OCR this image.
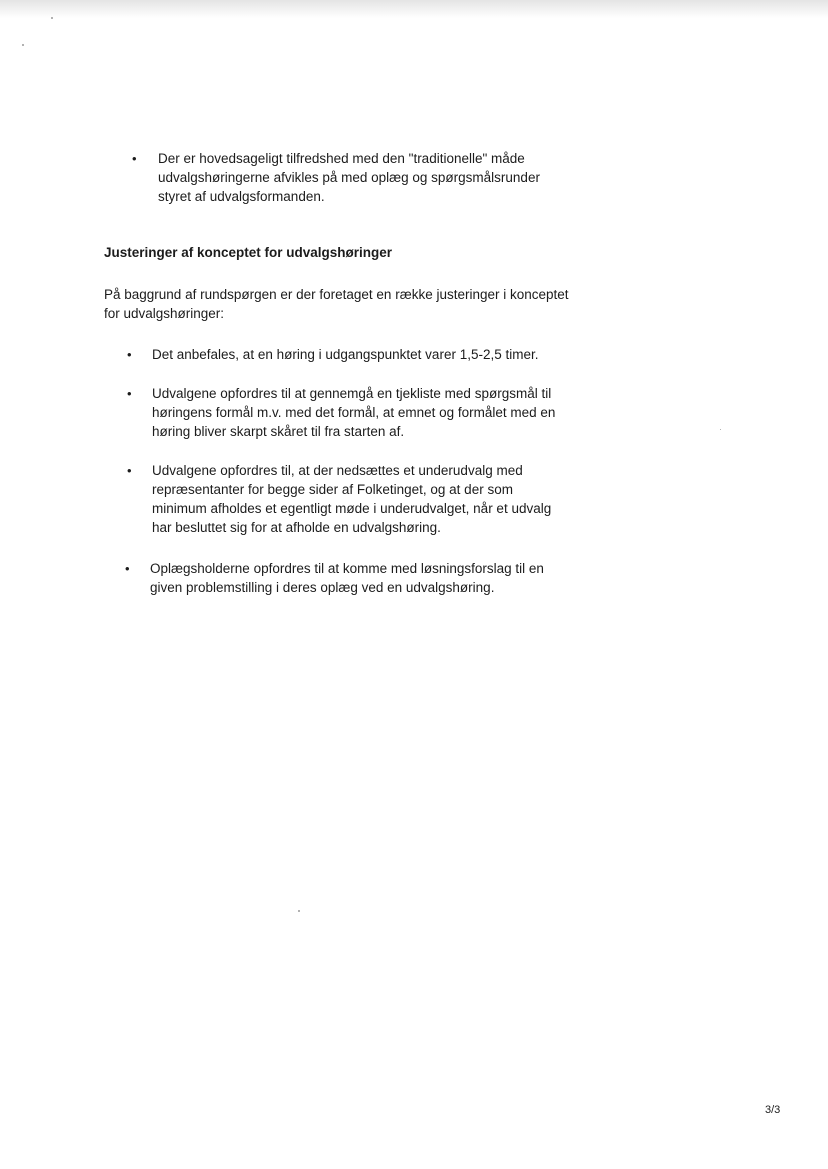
• Der er hovedsageligt tilfredshed med den "traditionelle" måde
udvalgshøringerne afvikles på med oplæg og spørgsmålsrunder
styret af udvalgsformanden.
Justeringer af konceptet for udvalgshøringer
På baggrund af rundspørgen er der foretaget en række justeringer i konceptet
for udvalgshøringer:
• Det anbefales, at en høring i udgangspunktet varer 1,5-2,5 timer.
• Udvalgene opfordres til at gennemgå en tjekliste med spørgsmål til
høringens formål m.v. med det formål, at emnet og formålet med en
høring bliver skarpt skåret til fra starten af.
• Udvalgene opfordres til, at der nedsættes et underudvalg med
repræsentanter for begge sider af Folketinget, og at der som
minimum afholdes et egentligt møde i underudvalget, når et udvalg
har besluttet sig for at afholde en udvalgshøring.
• Oplægsholderne opfordres til at komme med løsningsforslag til en
given problemstilling i deres oplæg ved en udvalgshøring.
3/3
